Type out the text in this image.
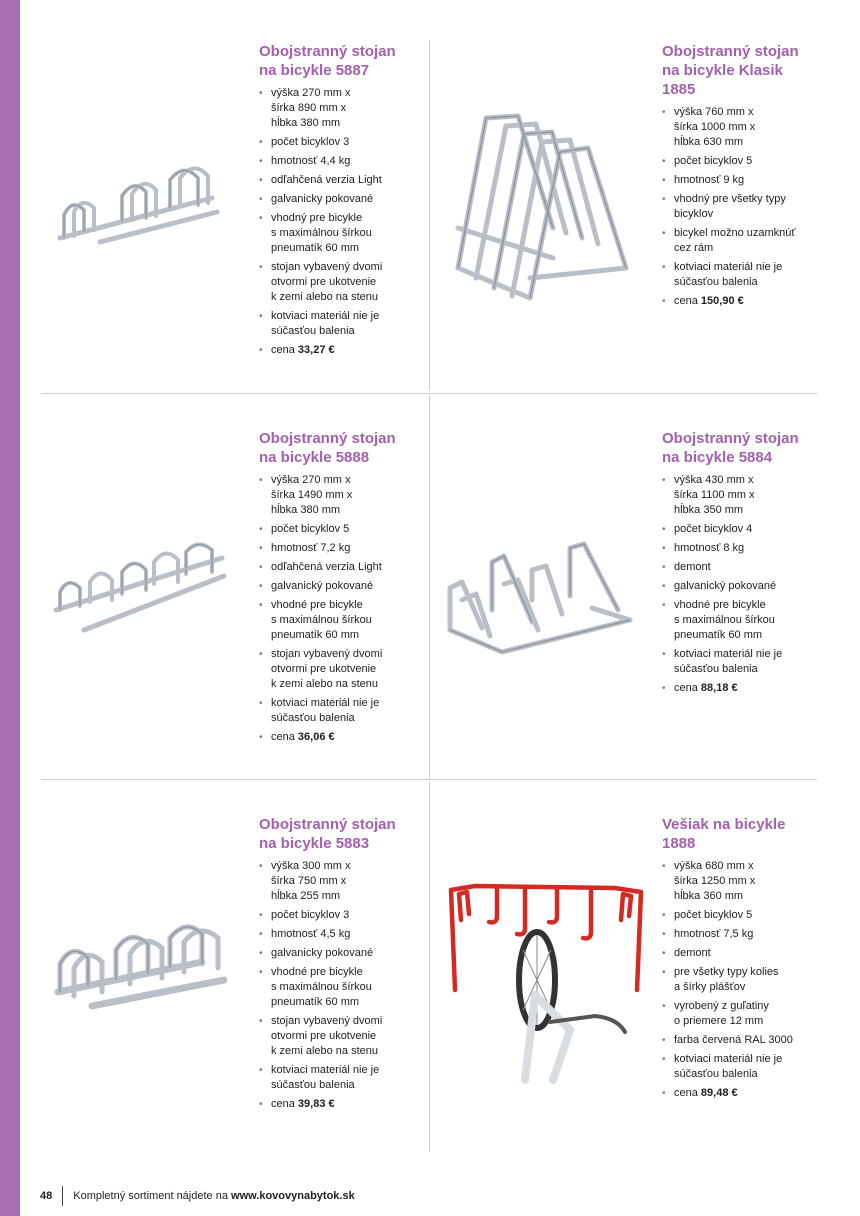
Obojstranný stojan
na bicykle 5887
• výška 270 mm x
šírka 890 mm x
hĺbka 380 mm
• počet bicyklov 3
• hmotnosť 4,4 kg
• odľahčená verzia Light
• galvanicky pokované
• vhodný pre bicykle
s maximálnou šírkou
pneumatík 60 mm
• stojan vybavený dvomi
otvormi pre ukotvenie
k zemi alebo na stenu
• kotviaci materiál nie je
súčasťou balenia
• cena 33,27 €
Obojstranný stojan
na bicykle Klasik
1885
• výška 760 mm x
šírka 1000 mm x
hĺbka 630 mm
• počet bicyklov 5
• hmotnosť 9 kg
• vhodný pre všetky typy
bicyklov
• bicykel možno uzamknúť
cez rám
• kotviaci materiál nie je
súčasťou balenia
• cena 150,90 €
Obojstranný stojan
na bicykle 5888
• výška 270 mm x
šírka 1490 mm x
hĺbka 380 mm
• počet bicyklov 5
• hmotnosť 7,2 kg
• odľahčená verzia Light
• galvanický pokované
• vhodné pre bicykle
s maximálnou šírkou
pneumatík 60 mm
• stojan vybavený dvomi
otvormi pre ukotvenie
k zemi alebo na stenu
• kotviaci materiál nie je
súčasťou balenia
• cena 36,06 €
Obojstranný stojan
na bicykle 5884
• výška 430 mm x
šírka 1100 mm x
hĺbka 350 mm
• počet bicyklov 4
• hmotnosť 8 kg
• demont
• galvanický pokované
• vhodné pre bicykle
s maximálnou šírkou
pneumatík 60 mm
• kotviaci materiál nie je
súčasťou balenia
• cena 88,18 €
Obojstranný stojan
na bicykle 5883
• výška 300 mm x
šírka 750 mm x
hĺbka 255 mm
• počet bicyklov 3
• hmotnosť 4,5 kg
• galvanicky pokované
• vhodné pre bicykle
s maximálnou šírkou
pneumatík 60 mm
• stojan vybavený dvomi
otvormi pre ukotvenie
k zemi alebo na stenu
• kotviaci materiál nie je
súčasťou balenia
• cena 39,83 €
Vešiak na bicykle
1888
• výška 680 mm x
šírka 1250 mm x
hĺbka 360 mm
• počet bicyklov 5
• hmotnosť 7,5 kg
• demont
• pre všetky typy kolies
a šírky plášťov
• vyrobený z guľatiny
o priemere 12 mm
• farba červená RAL 3000
• kotviaci materiál nie je
súčasťou balenia
• cena 89,48 €
48 Kompletný sortiment nájdete na
www.kovovynabytok.sk
